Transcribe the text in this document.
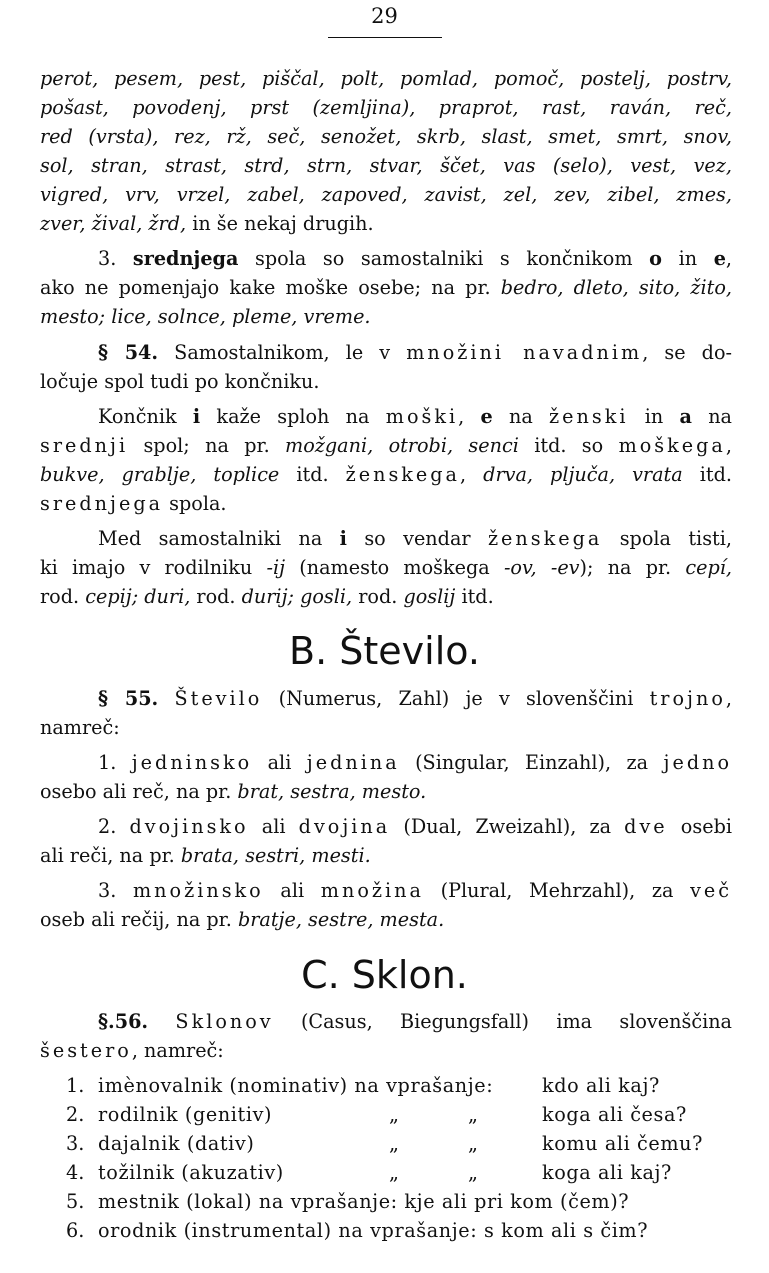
29
perot, pesem, pest, piščal, polt, pomlad, pomoč, postelj, postrv,
pošast, povodenj, prst (zemljina), praprot, rast, raván, reč,
red (vrsta), rez, rž, seč, senožet, skrb, slast, smet, smrt, snov,
sol, stran, strast, strd, strn, stvar, ščet, vas (selo), vest, vez,
vigred, vrv, vrzel, zabel, zapoved, zavist, zel, zev, zibel, zmes,
zver, žival, žrd, in še nekaj drugih.
3. srednjega spola so samostalniki s končnikom o in e,
ako ne pomenjajo kake moške osebe; na pr. bedro, dleto, sito, žito,
mesto; lice, solnce, pleme, vreme.
§ 54. Samostalnikom, le v množini navadnim, se do-
ločuje spol tudi po končniku.
Končnik i kaže sploh na moški, e na ženski in a na
srednji spol; na pr. možgani, otrobi, senci itd. so moškega,
bukve, grablje, toplice itd. ženskega, drva, pljuča, vrata itd.
srednjega spola.
Med samostalniki na i so vendar ženskega spola tisti,
ki imajo v rodilniku -ij (namesto moškega -ov, -ev); na pr. cepí,
rod. cepij; duri, rod. durij; gosli, rod. goslij itd.
§ 55. Število (Numerus, Zahl) je v slovenščini trojno,
namreč:
1. jedninsko ali jednina (Singular, Einzahl), za jedno
osebo ali reč, na pr. brat, sestra, mesto.
2. dvojinsko ali dvojina (Dual, Zweizahl), za dve osebi
ali reči, na pr. brata, sestri, mesti.
3. množinsko ali množina (Plural, Mehrzahl), za več
oseb ali rečij, na pr. bratje, sestre, mesta.
§.56. Sklonov (Casus, Biegungsfall) ima slovenščina
šestero, namreč:
B. Število.
C. Sklon.
1. imènovalnik (nominativ) na vprašanje:	kdo ali kaj?
2. rodilnik (genitiv)	„	„	koga ali česa?
3. dajalnik (dativ)	„	„	komu ali čemu?
4. tožilnik (akuzativ)	„	„	koga ali kaj?
5. mestnik (lokal) na vprašanje: kje ali pri kom (čem)?
6. orodnik (instrumental) na vprašanje: s kom ali s čim?
